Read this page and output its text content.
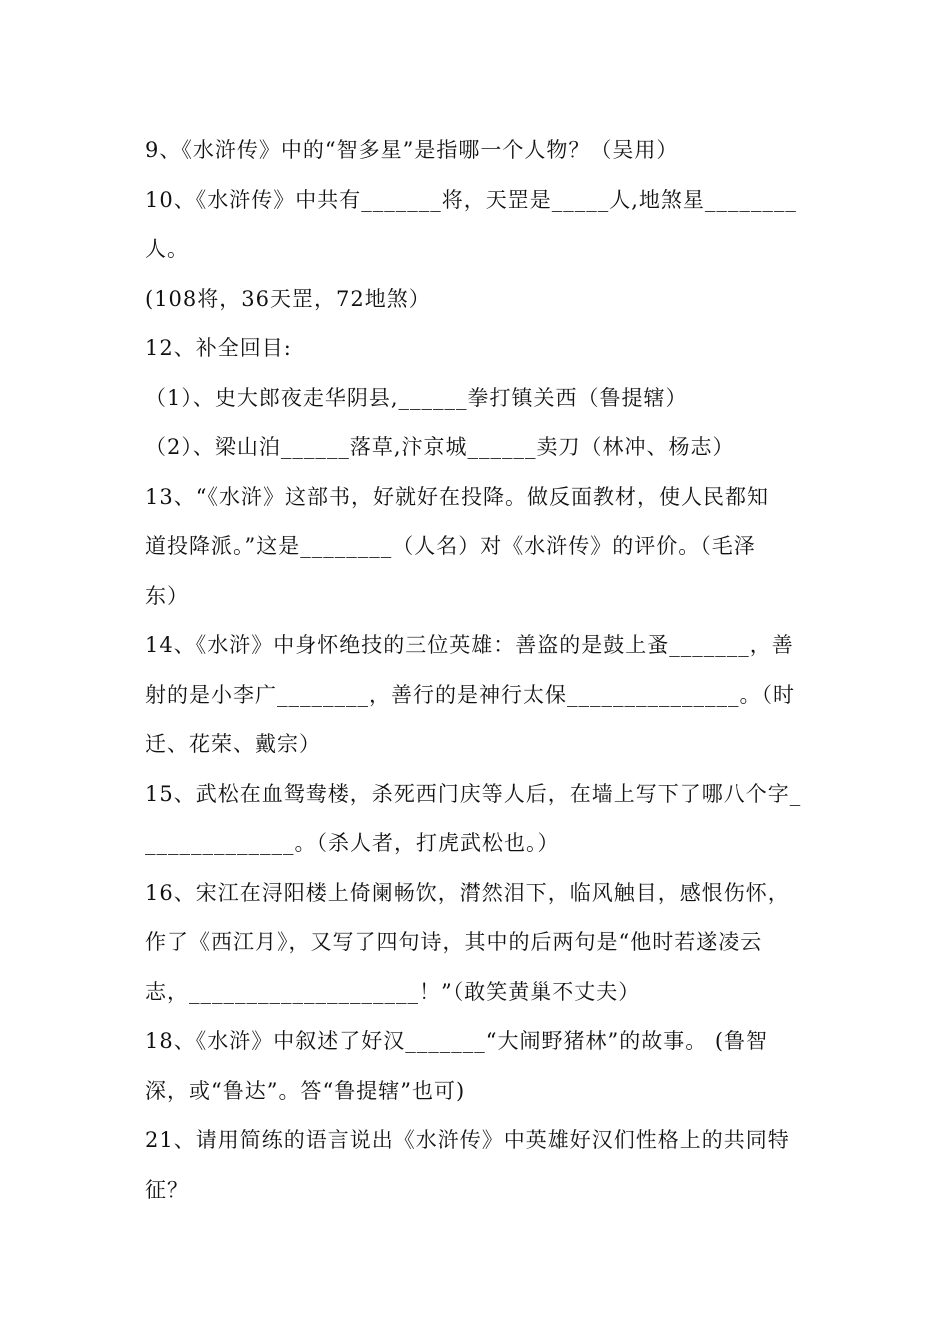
9、《水浒传》中的“智多星”是指哪一个人物？（吴用）
10、《水浒传》中共有_______将，天罡是_____人,地煞星________
人。
(108将，36天罡，72地煞）
12、补全回目:
（1）、史大郎夜走华阴县,______拳打镇关西（鲁提辖）
（2）、梁山泊______落草,汴京城______卖刀（林冲、杨志）
13、“《水浒》这部书，好就好在投降。做反面教材，使人民都知
道投降派。”这是________（人名）对《水浒传》的评价。（毛泽
东）
14、《水浒》中身怀绝技的三位英雄：善盗的是鼓上蚤_______，善
射的是小李广________，善行的是神行太保_______________。（时
迁、花荣、戴宗）
15、武松在血鸳鸯楼，杀死西门庆等人后，在墙上写下了哪八个字_
_____________。（杀人者，打虎武松也。）
16、宋江在浔阳楼上倚阑畅饮，潸然泪下，临风触目，感恨伤怀，
作了《西江月》，又写了四句诗，其中的后两句是“他时若遂凌云
志，____________________！”（敢笑黄巢不丈夫）
18、《水浒》中叙述了好汉_______“大闹野猪林”的故事。 (鲁智
深，或“鲁达”。答“鲁提辖”也可)
21、请用简练的语言说出《水浒传》中英雄好汉们性格上的共同特
征？
